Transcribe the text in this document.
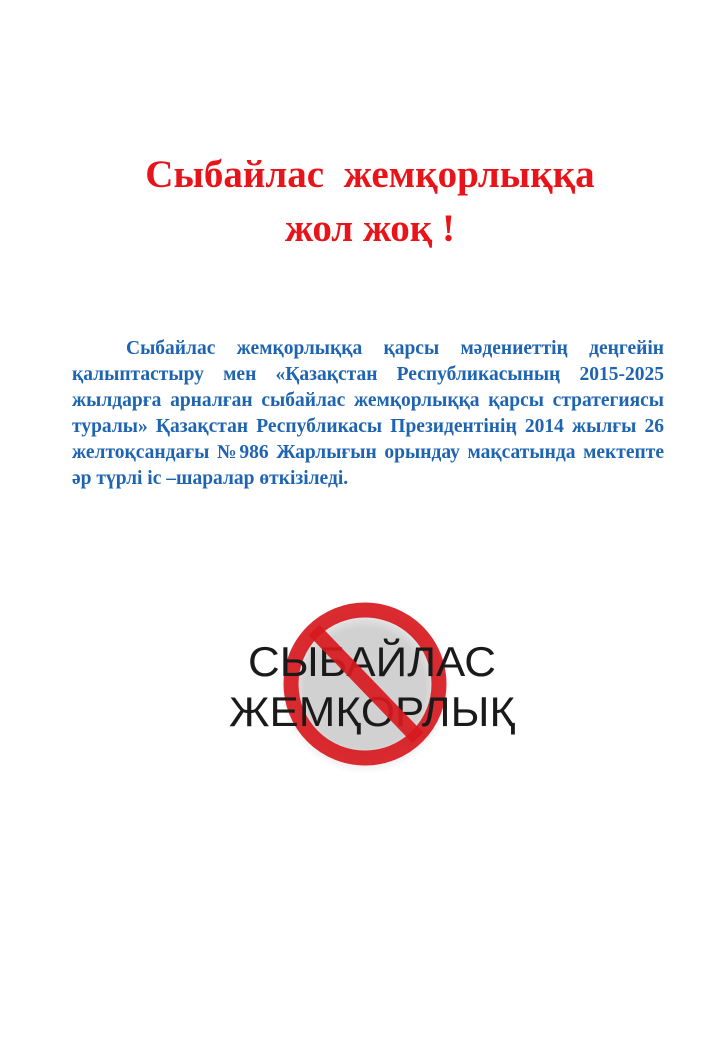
Сыбайлас  жемқорлыққа
жол жоқ !

Сыбайлас жемқорлыққа қарсы мәдениеттің деңгейін қалыптастыру мен «Қазақстан Республикасының 2015-2025 жылдарға арналған сыбайлас жемқорлыққа қарсы стратегиясы туралы» Қазақстан Республикасы Президентінің 2014 жылғы 26 желтоқсандағы №986 Жарлығын орындау мақсатында мектепте әр түрлі іс –шаралар өткізіледі.

СЫБАЙЛАС
ЖЕМҚОРЛЫҚ
